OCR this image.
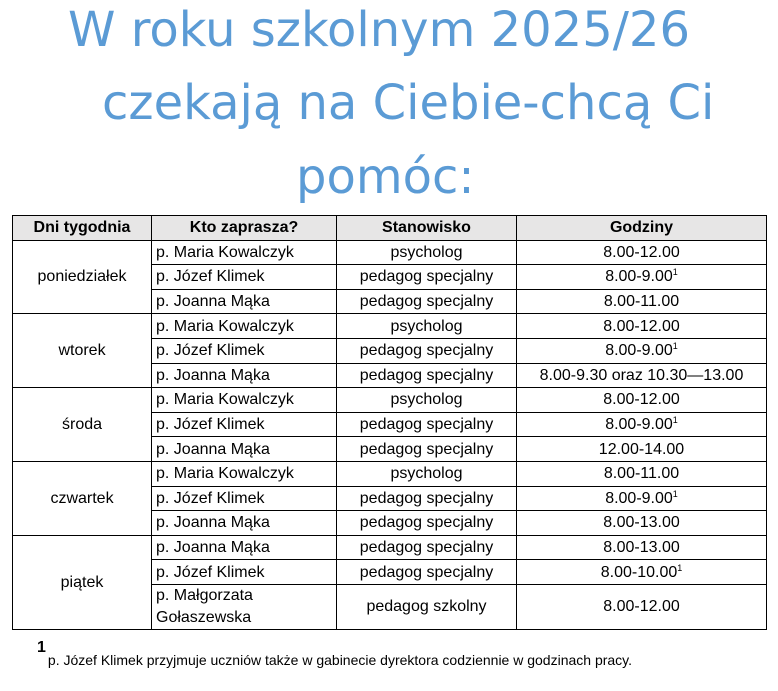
W roku szkolnym 2025/26
czekają na Ciebie-chcą Ci
pomóc:
Dni tygodnia	Kto zaprasza?	Stanowisko	Godziny
poniedziałek	p. Maria Kowalczyk	psycholog	8.00-12.00
	p. Józef Klimek	pedagog specjalny	8.00-9.00$^1$
	p. Joanna Mąka	pedagog specjalny	8.00-11.00
wtorek	p. Maria Kowalczyk	psycholog	8.00-12.00
	p. Józef Klimek	pedagog specjalny	8.00-9.00$^1$
	p. Joanna Mąka	pedagog specjalny	8.00-9.30 oraz 10.30—13.00
środa	p. Maria Kowalczyk	psycholog	8.00-12.00
	p. Józef Klimek	pedagog specjalny	8.00-9.00$^1$
	p. Joanna Mąka	pedagog specjalny	12.00-14.00
czwartek	p. Maria Kowalczyk	psycholog	8.00-11.00
	p. Józef Klimek	pedagog specjalny	8.00-9.00$^1$
	p. Joanna Mąka	pedagog specjalny	8.00-13.00
piątek	p. Joanna Mąka	pedagog specjalny	8.00-13.00
	p. Józef Klimek	pedagog specjalny	8.00-10.00$^1$
	p. Małgorzata Gołaszewska	pedagog szkolny	8.00-12.00
1p. Józef Klimek przyjmuje uczniów także w gabinecie dyrektora codziennie w godzinach pracy.
